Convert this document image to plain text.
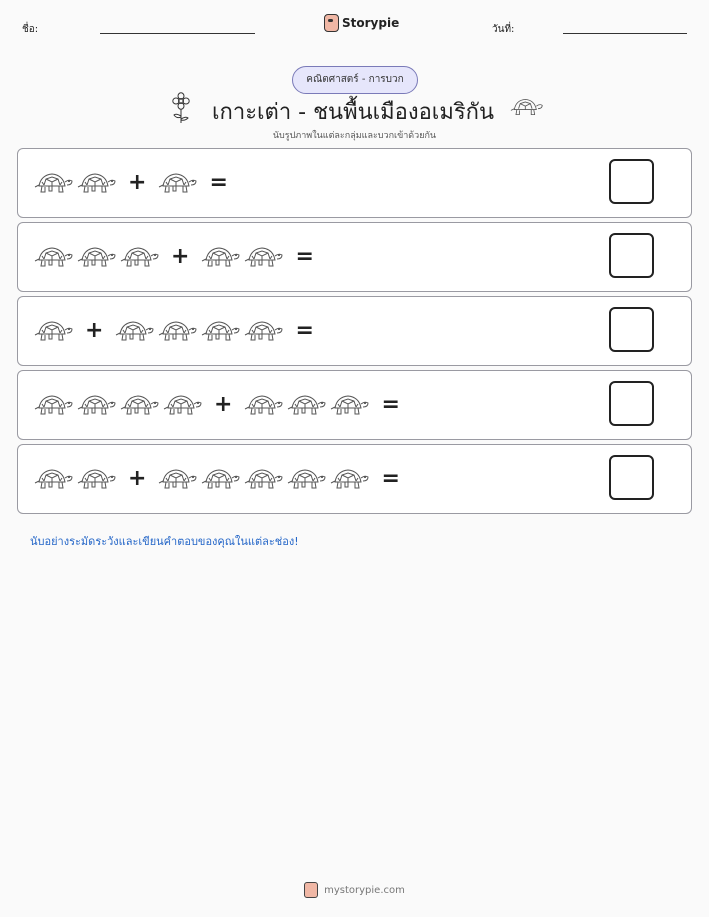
ชื่อ:	Storypie	วันที่:
คณิตศาสตร์ - การบวก
เกาะเต่า - ชนพื้นเมืองอเมริกัน
นับรูปภาพในแต่ละกลุ่มและบวกเข้าด้วยกัน
+	=
+	=
+	=
+	=
+	=
นับอย่างระมัดระวังและเขียนคำตอบของคุณในแต่ละช่อง!
mystorypie.com
